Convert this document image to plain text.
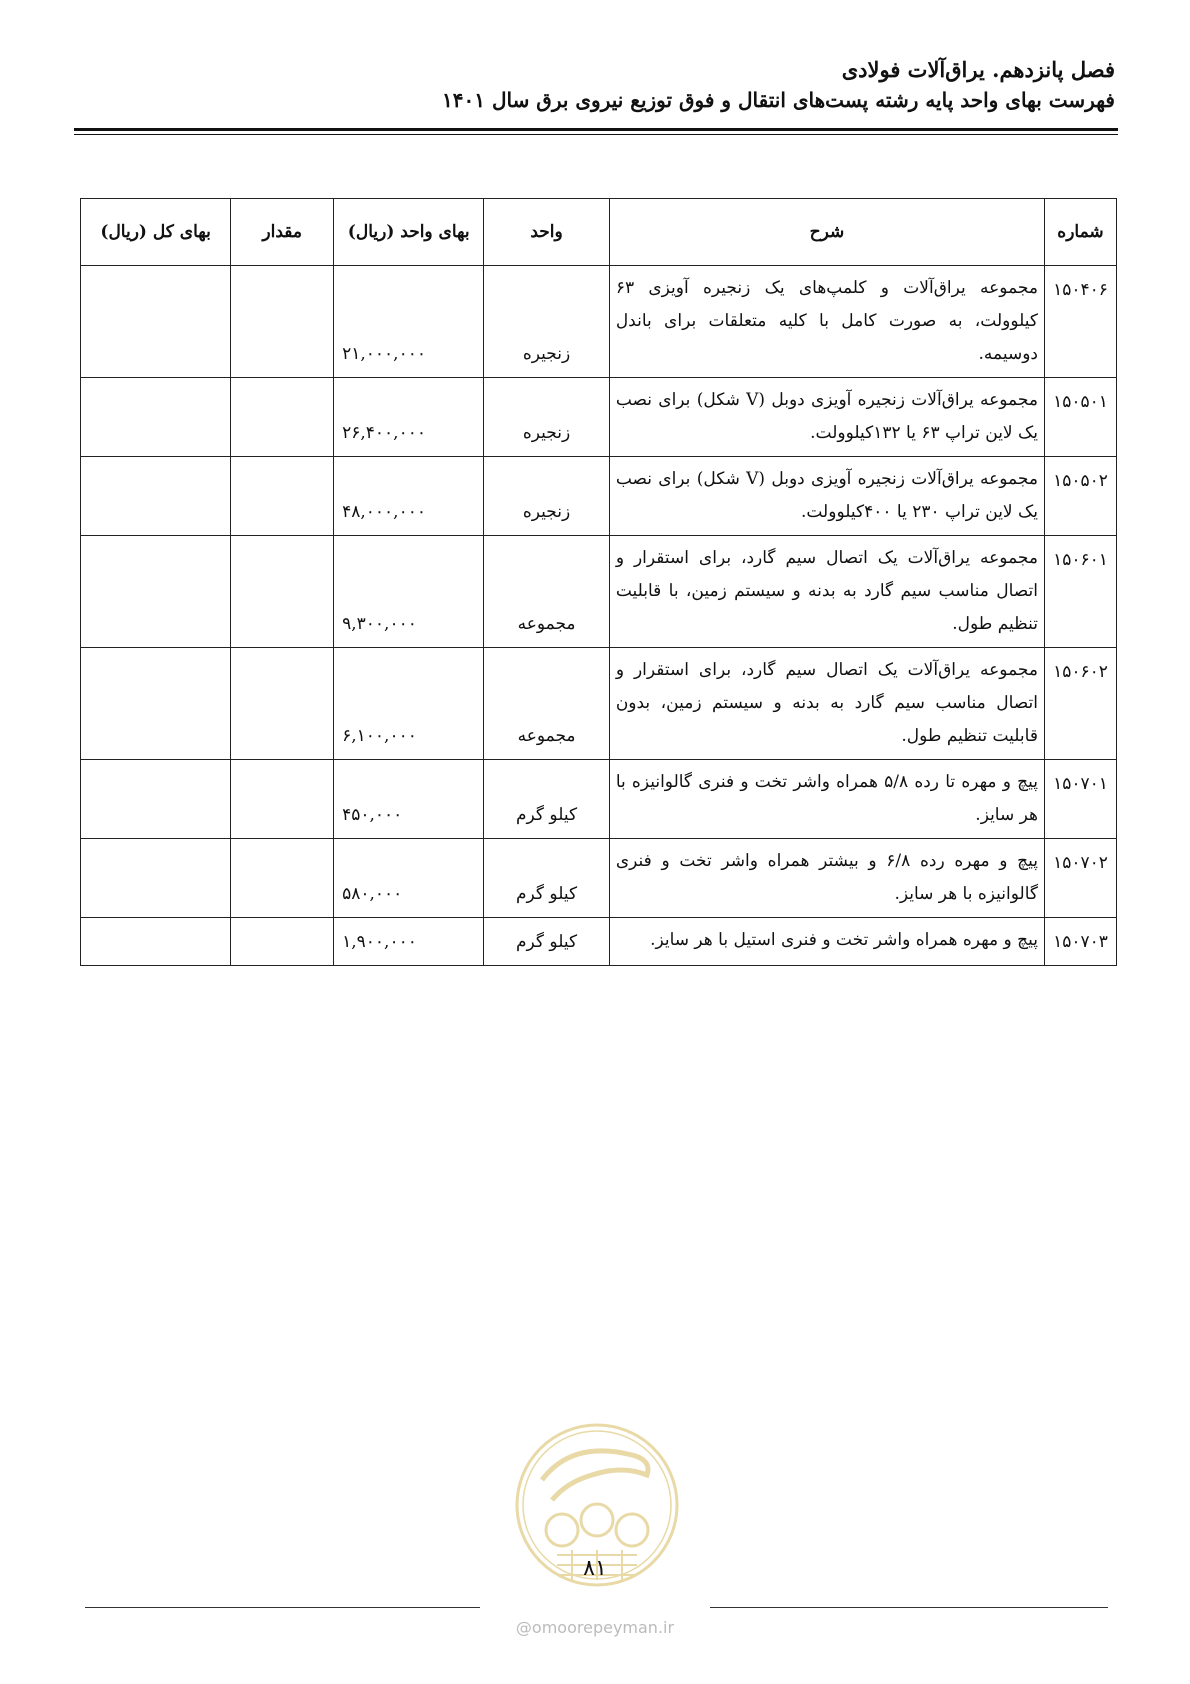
فصل پانزدهم. یراق‌آلات فولادی
فهرست بهای واحد پایه رشته پست‌های انتقال و فوق توزیع نیروی برق سال ۱۴۰۱
شماره	شرح	واحد	بهای واحد (ریال)	مقدار	بهای کل (ریال)
۱۵۰۴۰۶	مجموعه یراق‌آلات و کلمپ‌های یک زنجیره آویزی ۶۳ کیلوولت، به صورت کامل با کلیه متعلقات برای باندل دوسیمه.	زنجیره	۲۱,۰۰۰,۰۰۰		
۱۵۰۵۰۱	مجموعه یراق‌آلات زنجیره آویزی دوبل (V شکل) برای نصب یک لاین تراپ ۶۳ یا ۱۳۲کیلوولت.	زنجیره	۲۶,۴۰۰,۰۰۰		
۱۵۰۵۰۲	مجموعه یراق‌آلات زنجیره آویزی دوبل (V شکل) برای نصب یک لاین تراپ ۲۳۰ یا ۴۰۰کیلوولت.	زنجیره	۴۸,۰۰۰,۰۰۰		
۱۵۰۶۰۱	مجموعه یراق‌آلات یک اتصال سیم گارد، برای استقرار و اتصال مناسب سیم گارد به بدنه و سیستم زمین، با قابلیت تنظیم طول.	مجموعه	۹,۳۰۰,۰۰۰		
۱۵۰۶۰۲	مجموعه یراق‌آلات یک اتصال سیم گارد، برای استقرار و اتصال مناسب سیم گارد به بدنه و سیستم زمین، بدون قابلیت تنظیم طول.	مجموعه	۶,۱۰۰,۰۰۰		
۱۵۰۷۰۱	پیچ و مهره تا رده ۵/۸ همراه واشر تخت و فنری گالوانیزه با هر سایز.	کیلو گرم	۴۵۰,۰۰۰		
۱۵۰۷۰۲	پیچ و مهره رده ۶/۸ و بیشتر همراه واشر تخت و فنری گالوانیزه با هر سایز.	کیلو گرم	۵۸۰,۰۰۰		
۱۵۰۷۰۳	پیچ و مهره همراه واشر تخت و فنری استیل با هر سایز.	کیلو گرم	۱,۹۰۰,۰۰۰		
۸۱
@omoorepeyman.ir
